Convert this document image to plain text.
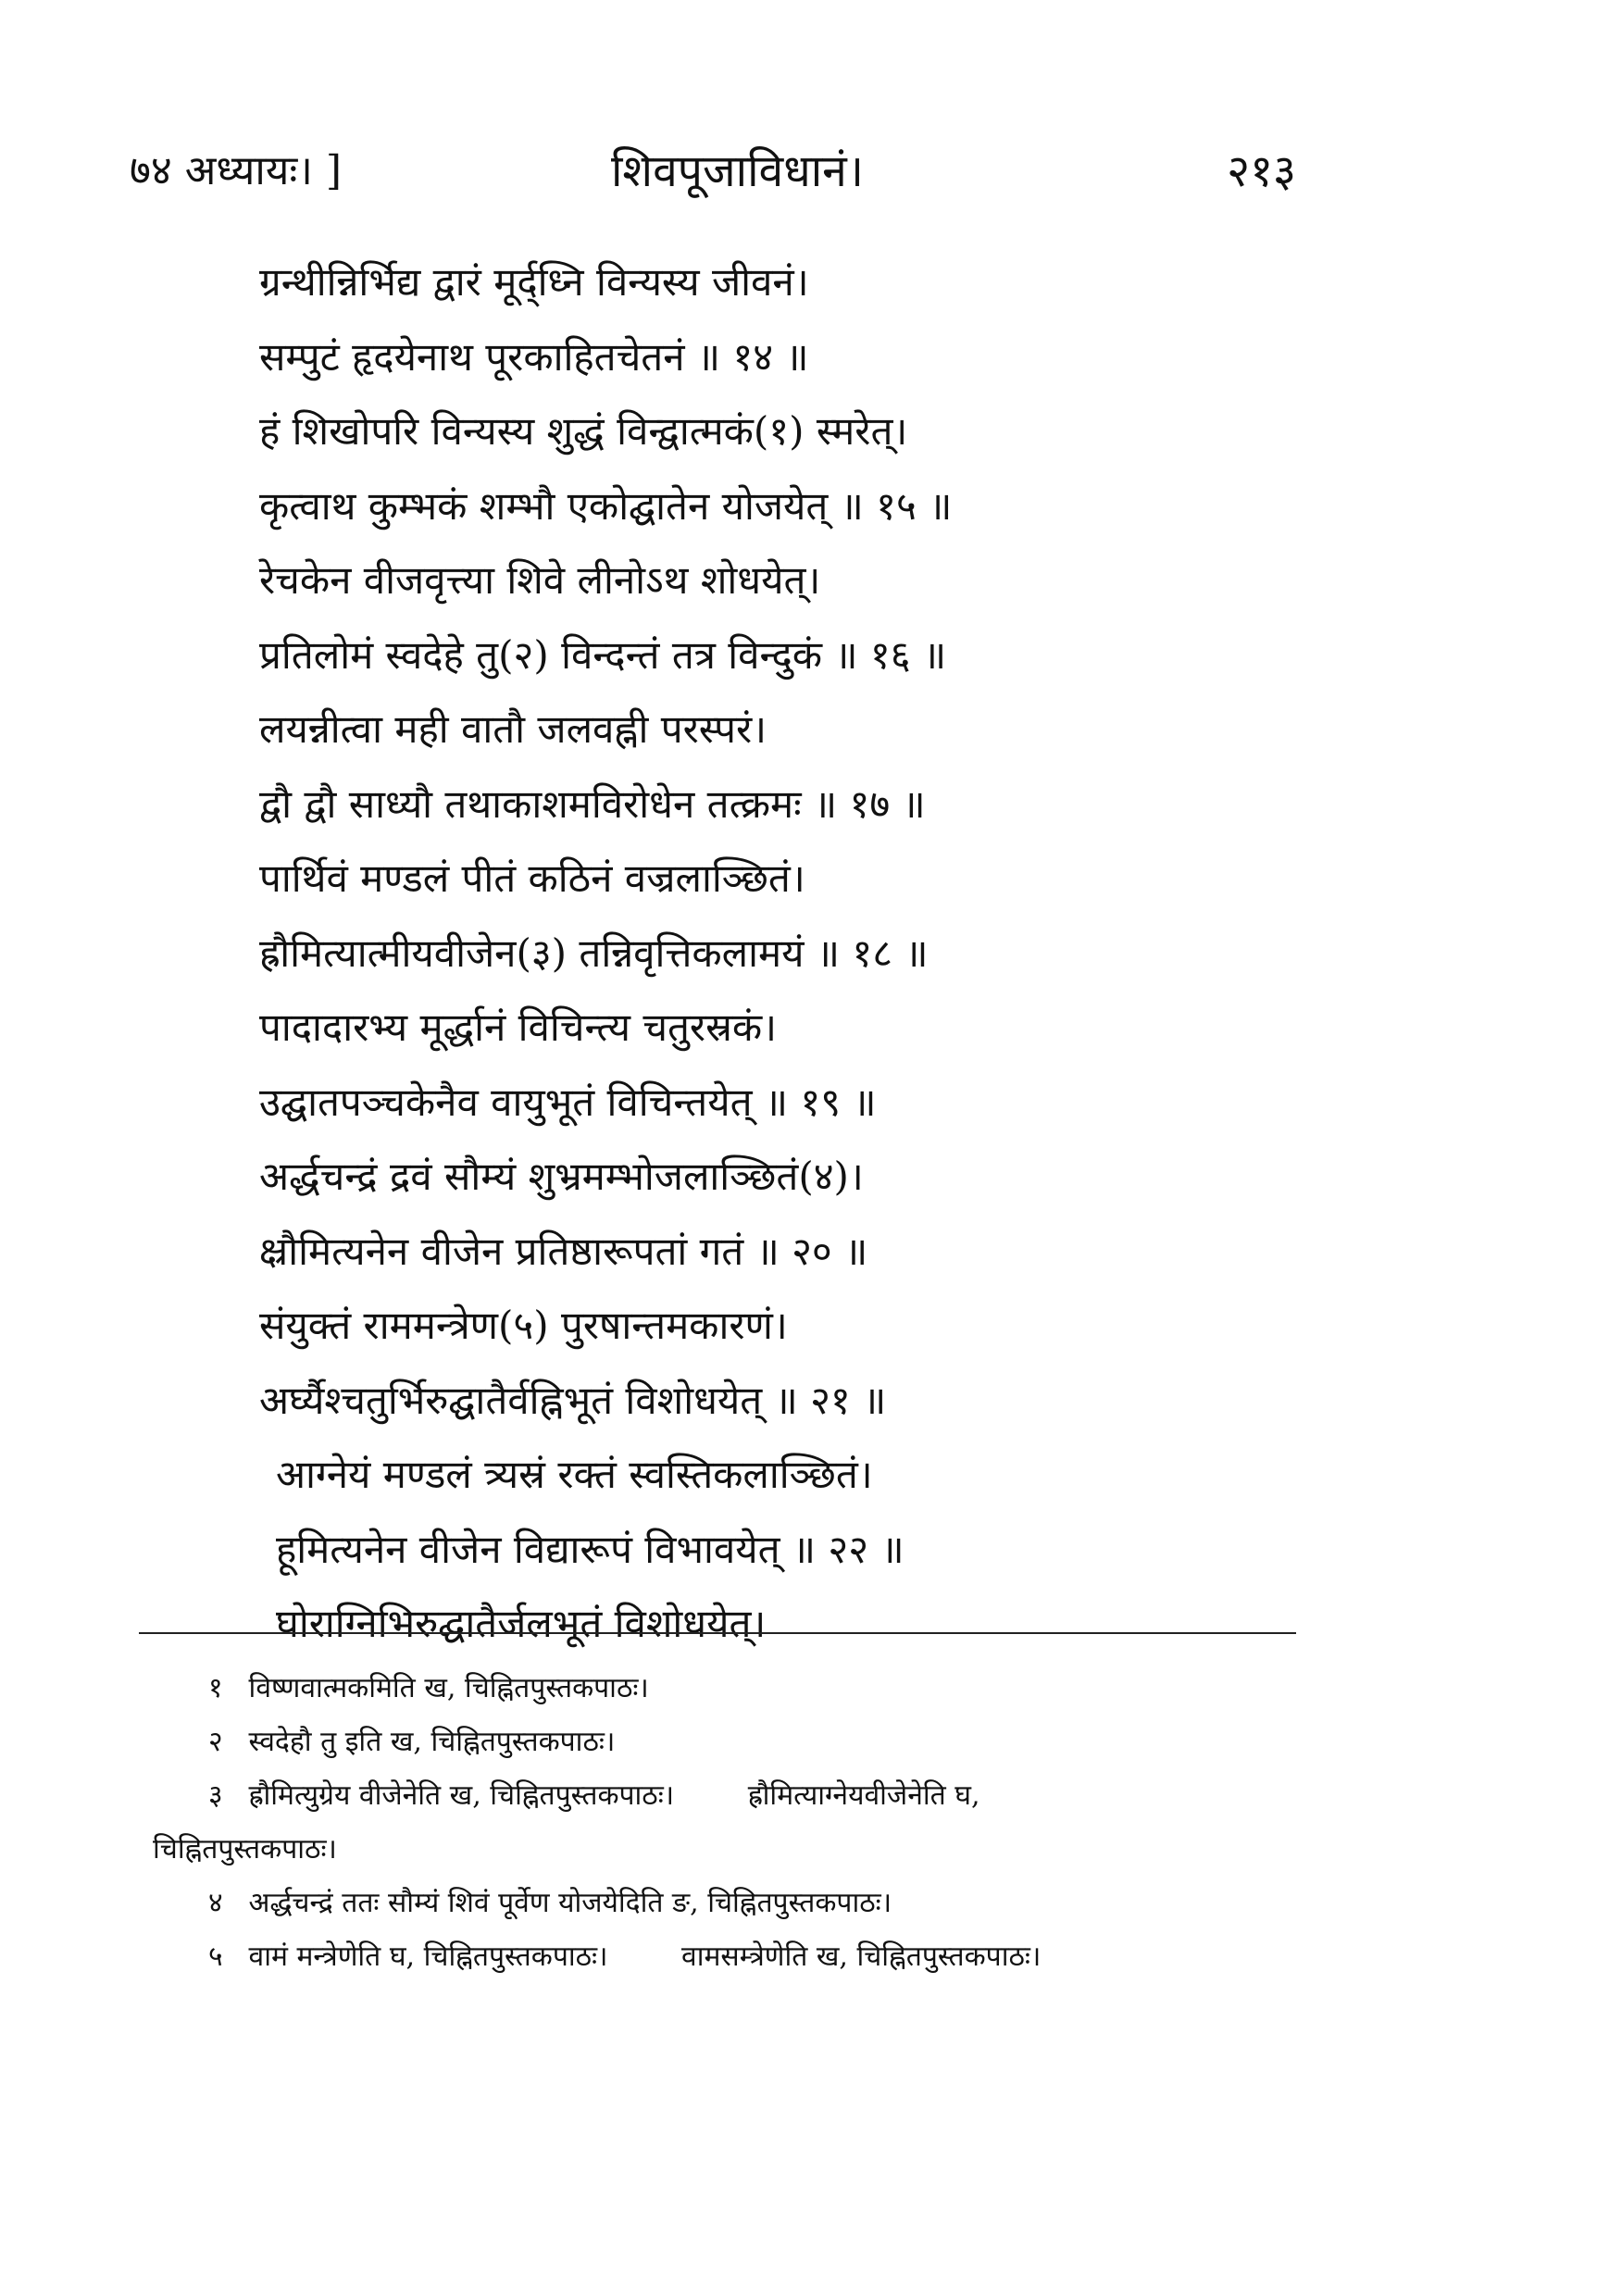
७४ अध्यायः। ]	शिवपूजाविधानं।	२१३
ग्रन्थीन्निर्भिद्य द्वारं मूर्द्ध्नि विन्यस्य जीवनं।
सम्पुटं हृदयेनाथ पूरकाहितचेतनं ॥ १४ ॥
हं शिखोपरि विन्यस्य शुद्धं विन्द्वात्मकं(१) स्मरेत्।
कृत्वाथ कुम्भकं शम्भौ एकोद्घातेन योजयेत् ॥ १५ ॥
रेचकेन वीजवृत्त्या शिवे लीनोऽथ शोधयेत्।
प्रतिलोमं स्वदेहे तु(२) विन्दन्तं तत्र विन्दुकं ॥ १६ ॥
लयन्नीत्वा मही वातौ जलवह्नी परस्परं।
द्वौ द्वौ साध्यौ तथाकाशमविरोधेन तत्क्रमः ॥ १७ ॥
पार्थिवं मण्डलं पीतं कठिनं वज्रलाञ्छितं।
ह्रौमित्यात्मीयवीजेन(३) तन्निवृत्तिकलामयं ॥ १८ ॥
पादादारभ्य मूर्द्धानं विचिन्त्य चतुरस्रकं।
उद्घातपञ्चकेनैव वायुभूतं विचिन्तयेत् ॥ १९ ॥
अर्द्धचन्द्रं द्रवं सौम्यं शुभ्रमम्भोजलाञ्छितं(४)।
क्ष्रौमित्यनेन वीजेन प्रतिष्ठारूपतां गतं ॥ २० ॥
संयुक्तं राममन्त्रेण(५) पुरषान्तमकारणं।
अर्घ्यैश्चतुर्भिरुद्घातैर्वह्निभूतं विशोधयेत् ॥ २१ ॥
आग्नेयं मण्डलं त्र्यस्रं रक्तं स्वस्तिकलाञ्छितं।
हूमित्यनेन वीजेन विद्यारूपं विभावयेत् ॥ २२ ॥
घोराग्निभिरुद्घातैर्जलभूतं विशोधयेत्।
१ विष्णवात्मकमिति ख, चिह्नितपुस्तकपाठः।
२ स्वदेहौ तु इति ख, चिह्नितपुस्तकपाठः।
३ ह्रौमित्युग्रेय वीजेनेति ख, चिह्नितपुस्तकपाठः।	ह्रौमित्याग्नेयवीजेनेति घ,
चिह्नितपुस्तकपाठः।
४ अर्द्धचन्द्रं ततः सौम्यं शिवं पूर्वेण योजयेदिति ङ, चिह्नितपुस्तकपाठः।
५ वामं मन्त्रेणेति घ, चिह्नितपुस्तकपाठः।	वामसम्त्रेणेति ख, चिह्नितपुस्तकपाठः।
